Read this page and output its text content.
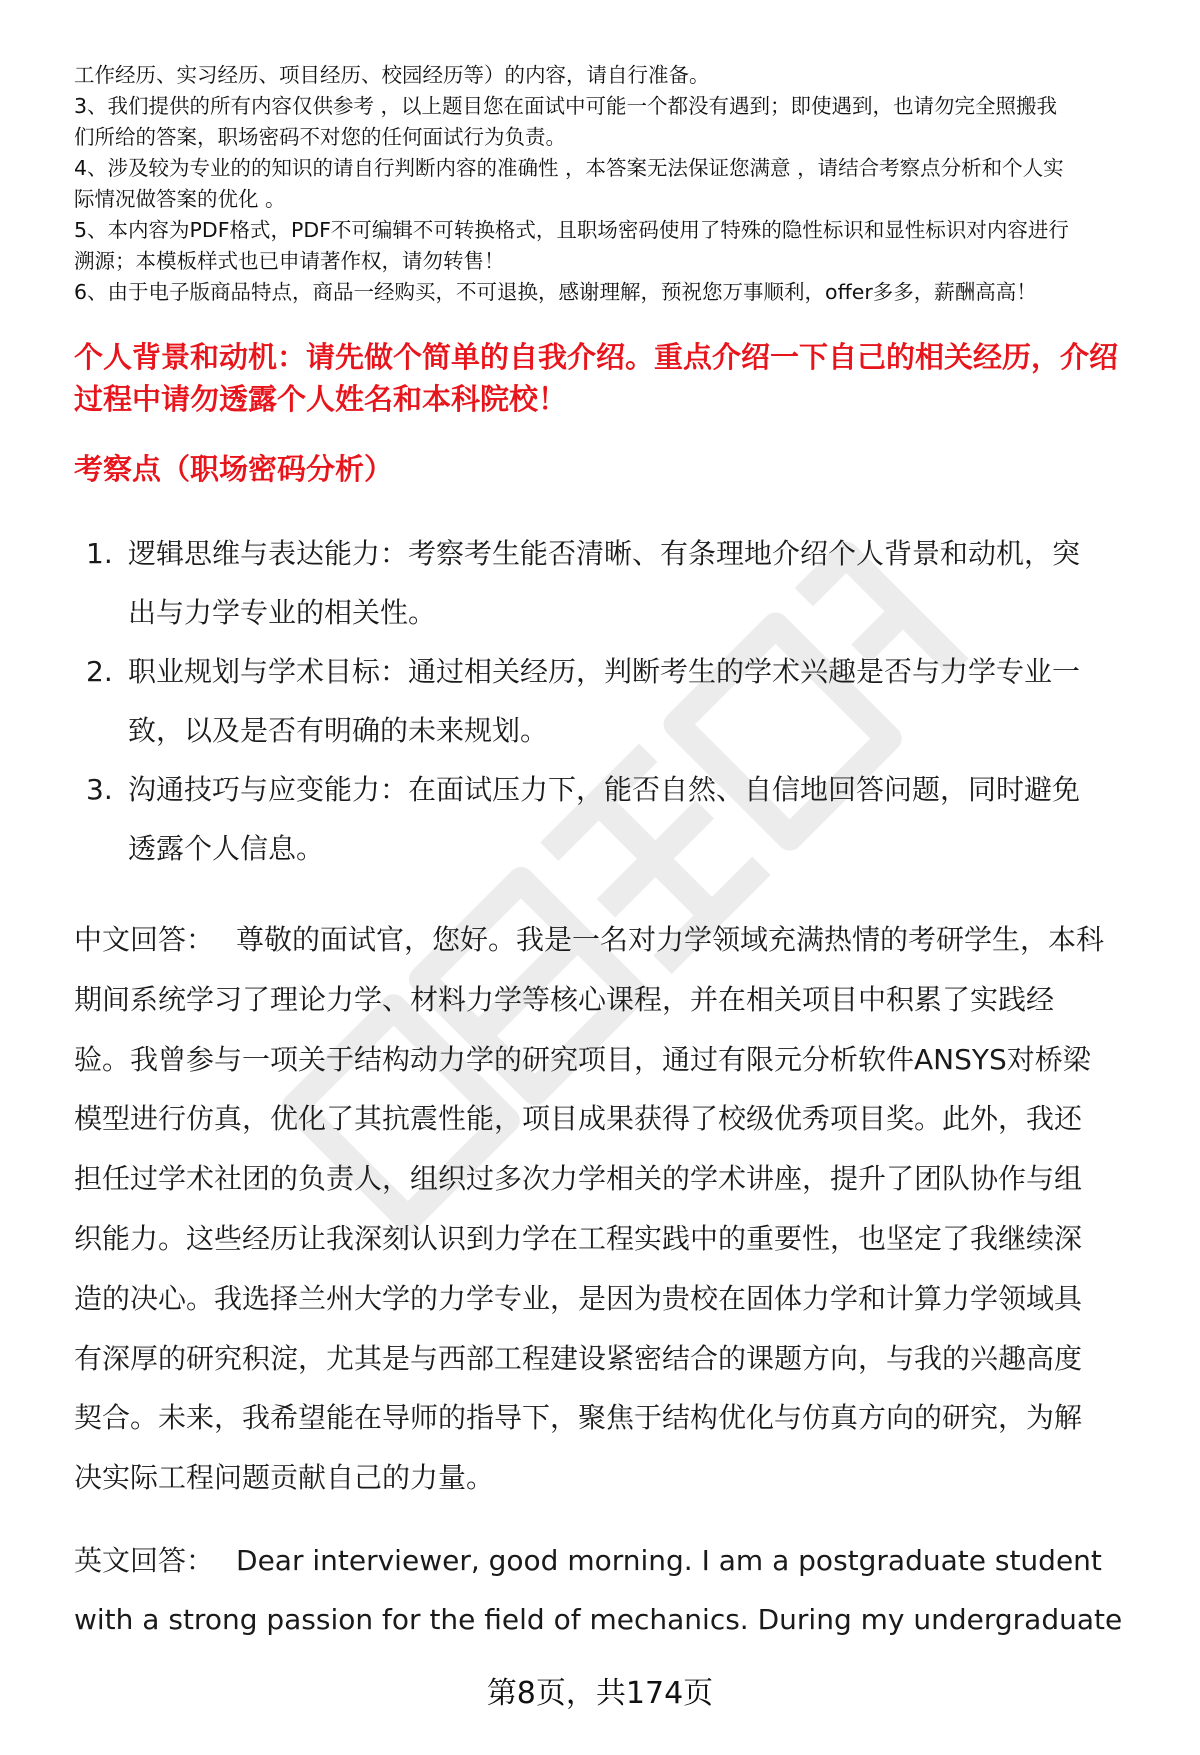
工作经历、实习经历、项目经历、校园经历等）的内容，请自行准备。

3、我们提供的所有内容仅供参考 ，以上题目您在面试中可能一个都没有遇到；即使遇到，也请勿完全照搬我

们所给的答案，职场密码不对您的任何面试行为负责。

4、涉及较为专业的的知识的请自行判断内容的准确性 ，本答案无法保证您满意 ，请结合考察点分析和个人实

际情况做答案的优化 。

5、本内容为PDF格式，PDF不可编辑不可转换格式，且职场密码使用了特殊的隐性标识和显性标识对内容进行

溯源；本模板样式也已申请著作权，请勿转售！

6、由于电子版商品特点，商品一经购买，不可退换，感谢理解，预祝您万事顺利，offer多多，薪酬高高！

个人背景和动机：请先做个简单的自我介绍。重点介绍一下自己的相关经历，介绍
过程中请勿透露个人姓名和本科院校！
考察点（职场密码分析）
1. 逻辑思维与表达能力：考察考生能否清晰、有条理地介绍个人背景和动机，突
出与力学专业的相关性。
2. 职业规划与学术目标：通过相关经历，判断考生的学术兴趣是否与力学专业一
致，以及是否有明确的未来规划。
3. 沟通技巧与应变能力：在面试压力下，能否自然、自信地回答问题，同时避免
透露个人信息。
中文回答： 尊敬的面试官，您好。我是一名对力学领域充满热情的考研学生，本科
期间系统学习了理论力学、材料力学等核心课程，并在相关项目中积累了实践经
验。我曾参与一项关于结构动力学的研究项目，通过有限元分析软件ANSYS对桥梁
模型进行仿真，优化了其抗震性能，项目成果获得了校级优秀项目奖。此外，我还
担任过学术社团的负责人，组织过多次力学相关的学术讲座，提升了团队协作与组
织能力。这些经历让我深刻认识到力学在工程实践中的重要性，也坚定了我继续深
造的决心。我选择兰州大学的力学专业，是因为贵校在固体力学和计算力学领域具
有深厚的研究积淀，尤其是与西部工程建设紧密结合的课题方向，与我的兴趣高度
契合。未来，我希望能在导师的指导下，聚焦于结构优化与仿真方向的研究，为解
决实际工程问题贡献自己的力量。
英文回答： Dear interviewer, good morning. I am a postgraduate student
with a strong passion for the field of mechanics. During my undergraduate
第8页，共174页
